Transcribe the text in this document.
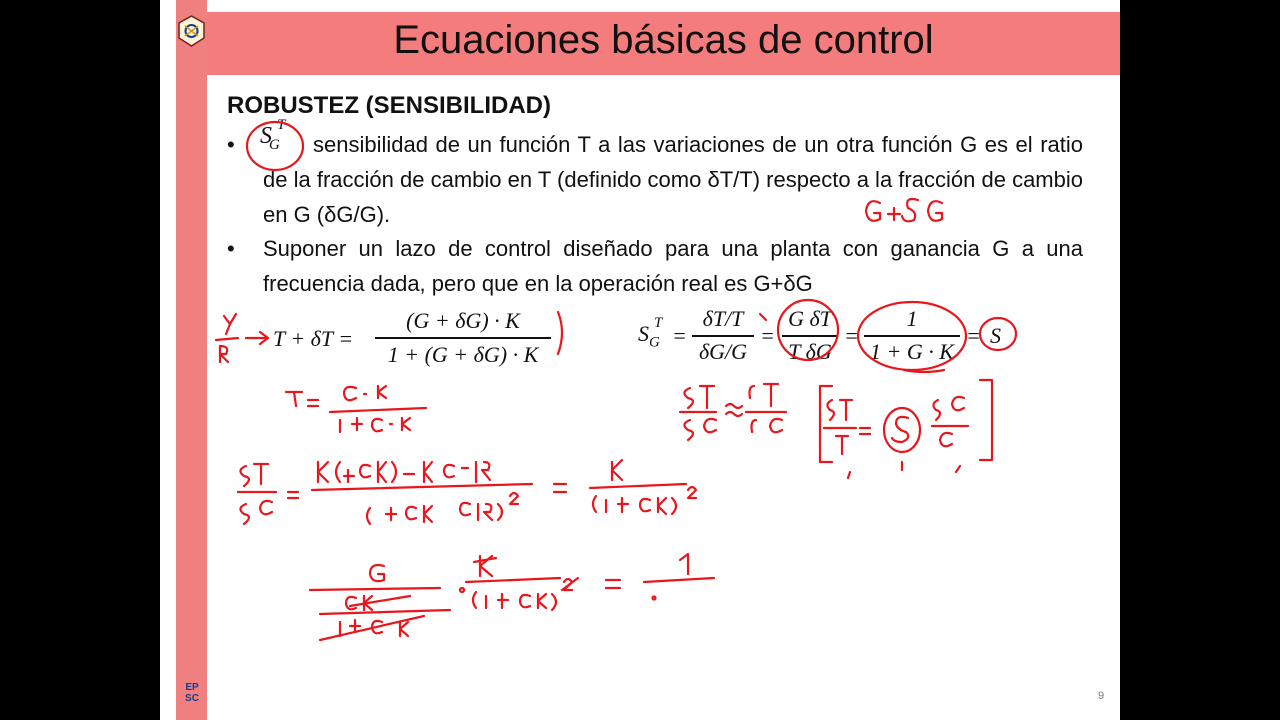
Ecuaciones básicas de control
ROBUSTEZ (SENSIBILIDAD)
•	sensibilidad de un función T a las variaciones de un otra función G es el ratio de la fracción de cambio en T (definido como δT/T) respecto a la fracción de cambio en G (δG/G).
$S_G$
T
• Suponer un lazo de control diseñado para una planta con ganancia G a una frecuencia dada, pero que en la operación real es G+δG
T + δT =
(G + δG) · K
1 + (G + δG) · K
$S_G$
T =
δT/T
δG/G
=
G δT
T δG
=
1
1 + G · K
= S
EP
SC	9
